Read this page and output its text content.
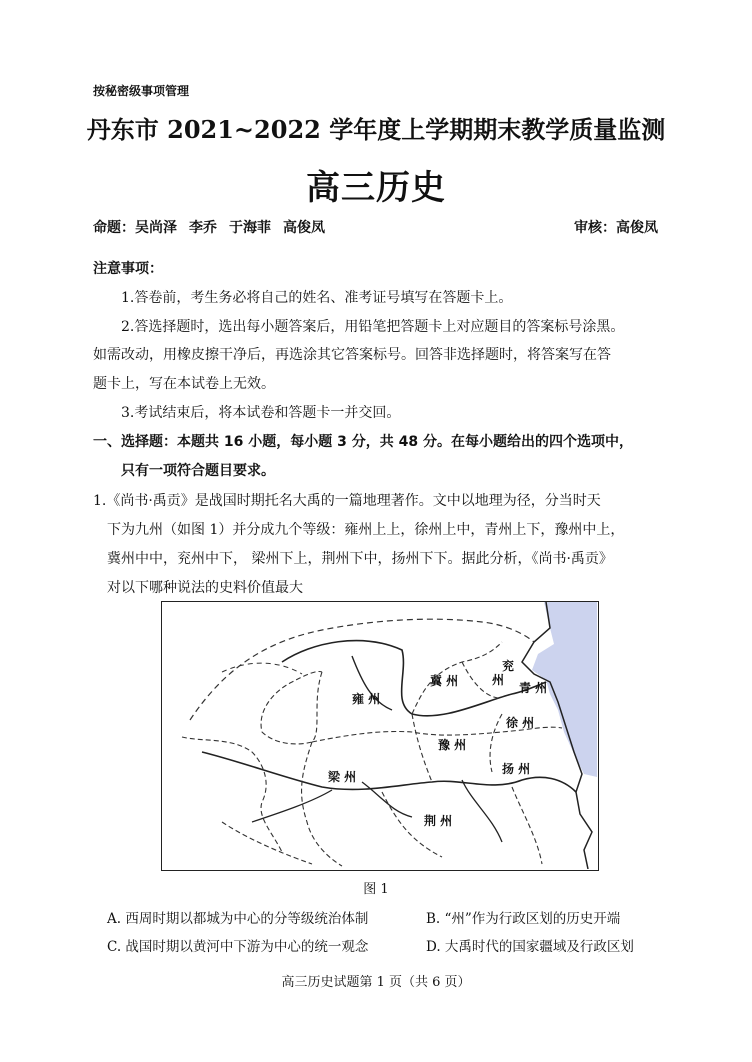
按秘密级事项管理
丹东市 2021~2022 学年度上学期期末教学质量监测
高三历史
命题：吴尚泽 李乔 于海菲 高俊凤	审核：高俊凤
注意事项：
1.答卷前，考生务必将自己的姓名、准考证号填写在答题卡上。
2.答选择题时，选出每小题答案后，用铅笔把答题卡上对应题目的答案标号涂黑。
如需改动，用橡皮擦干净后，再选涂其它答案标号。回答非选择题时，将答案写在答
题卡上，写在本试卷上无效。
3.考试结束后，将本试卷和答题卡一并交回。
一、选择题：本题共 16 小题，每小题 3 分，共 48 分。在每小题给出的四个选项中，
只有一项符合题目要求。
1.《尚书·禹贡》是战国时期托名大禹的一篇地理著作。文中以地理为径，分当时天
下为九州（如图 1）并分成九个等级：雍州上上，徐州上中，青州上下，豫州中上，
冀州中中，兖州中下， 梁州下上，荆州下中，扬州下下。据此分析，《尚书·禹贡》
对以下哪种说法的史料价值最大
雍 州
冀 州
兖
州
青 州
徐 州
豫 州
梁 州
扬 州
荆 州
图 1
A. 西周时期以都城为中心的分等级统治体制	B. “州”作为行政区划的历史开端
C. 战国时期以黄河中下游为中心的统一观念	D. 大禹时代的国家疆域及行政区划
高三历史试题第 1 页（共 6 页）
